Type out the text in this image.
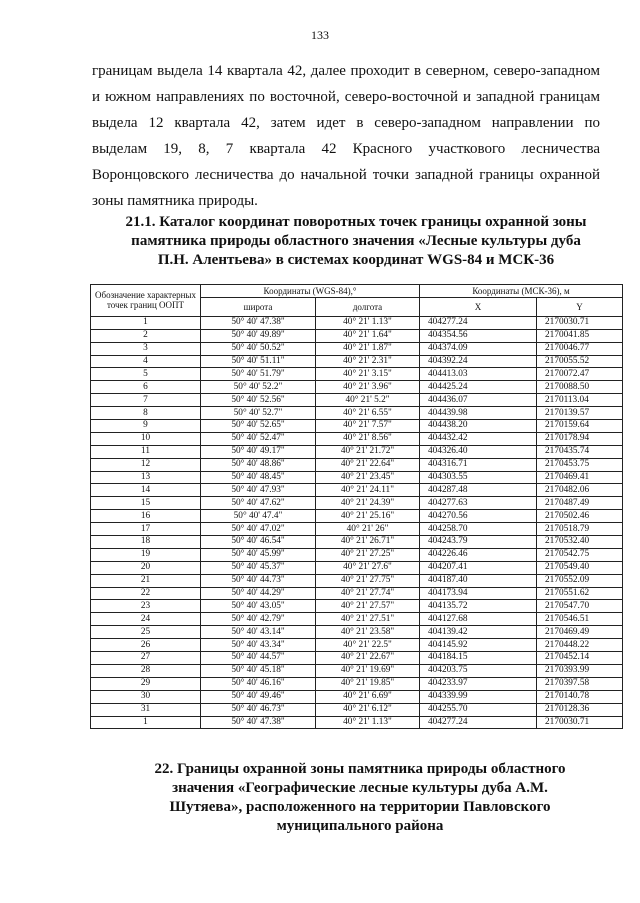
133
границам выдела 14 квартала 42, далее проходит в северном, северо-западном
и южном направлениях по восточной, северо-восточной и западной границам
выдела 12 квартала 42, затем идет в северо-западном направлении по
выделам 19, 8, 7 квартала 42 Красного участкового лесничества
Воронцовского лесничества до начальной точки западной границы охранной
зоны памятника природы.
21.1. Каталог координат поворотных точек границы охранной зоны
памятника природы областного значения «Лесные культуры дуба
П.Н. Алентьева» в системах координат WGS-84 и МСК-36
Обозначение характерных точек границ ООПТ	Координаты (WGS-84),°		Координаты (МСК-36), м	
	широта	долгота	X	Y
1	50° 40' 47.38"	40° 21' 1.13"	404277.24	2170030.71
2	50° 40' 49.89"	40° 21' 1.64"	404354.56	2170041.85
3	50° 40' 50.52"	40° 21' 1.87"	404374.09	2170046.77
4	50° 40' 51.11"	40° 21' 2.31"	404392.24	2170055.52
5	50° 40' 51.79"	40° 21' 3.15"	404413.03	2170072.47
6	50° 40' 52.2"	40° 21' 3.96"	404425.24	2170088.50
7	50° 40' 52.56"	40° 21' 5.2"	404436.07	2170113.04
8	50° 40' 52.7"	40° 21' 6.55"	404439.98	2170139.57
9	50° 40' 52.65"	40° 21' 7.57"	404438.20	2170159.64
10	50° 40' 52.47"	40° 21' 8.56"	404432.42	2170178.94
11	50° 40' 49.17"	40° 21' 21.72"	404326.40	2170435.74
12	50° 40' 48.86"	40° 21' 22.64"	404316.71	2170453.75
13	50° 40' 48.45"	40° 21' 23.45"	404303.55	2170469.41
14	50° 40' 47.93"	40° 21' 24.11"	404287.48	2170482.06
15	50° 40' 47.62"	40° 21' 24.39"	404277.63	2170487.49
16	50° 40' 47.4"	40° 21' 25.16"	404270.56	2170502.46
17	50° 40' 47.02"	40° 21' 26"	404258.70	2170518.79
18	50° 40' 46.54"	40° 21' 26.71"	404243.79	2170532.40
19	50° 40' 45.99"	40° 21' 27.25"	404226.46	2170542.75
20	50° 40' 45.37"	40° 21' 27.6"	404207.41	2170549.40
21	50° 40' 44.73"	40° 21' 27.75"	404187.40	2170552.09
22	50° 40' 44.29"	40° 21' 27.74"	404173.94	2170551.62
23	50° 40' 43.05"	40° 21' 27.57"	404135.72	2170547.70
24	50° 40' 42.79"	40° 21' 27.51"	404127.68	2170546.51
25	50° 40' 43.14"	40° 21' 23.58"	404139.42	2170469.49
26	50° 40' 43.34"	40° 21' 22.5"	404145.92	2170448.22
27	50° 40' 44.57"	40° 21' 22.67"	404184.15	2170452.14
28	50° 40' 45.18"	40° 21' 19.69"	404203.75	2170393.99
29	50° 40' 46.16"	40° 21' 19.85"	404233.97	2170397.58
30	50° 40' 49.46"	40° 21' 6.69"	404339.99	2170140.78
31	50° 40' 46.73"	40° 21' 6.12"	404255.70	2170128.36
1	50° 40' 47.38"	40° 21' 1.13"	404277.24	2170030.71
22. Границы охранной зоны памятника природы областного
значения «Географические лесные культуры дуба А.М.
Шутяева», расположенного на территории Павловского
муниципального района
